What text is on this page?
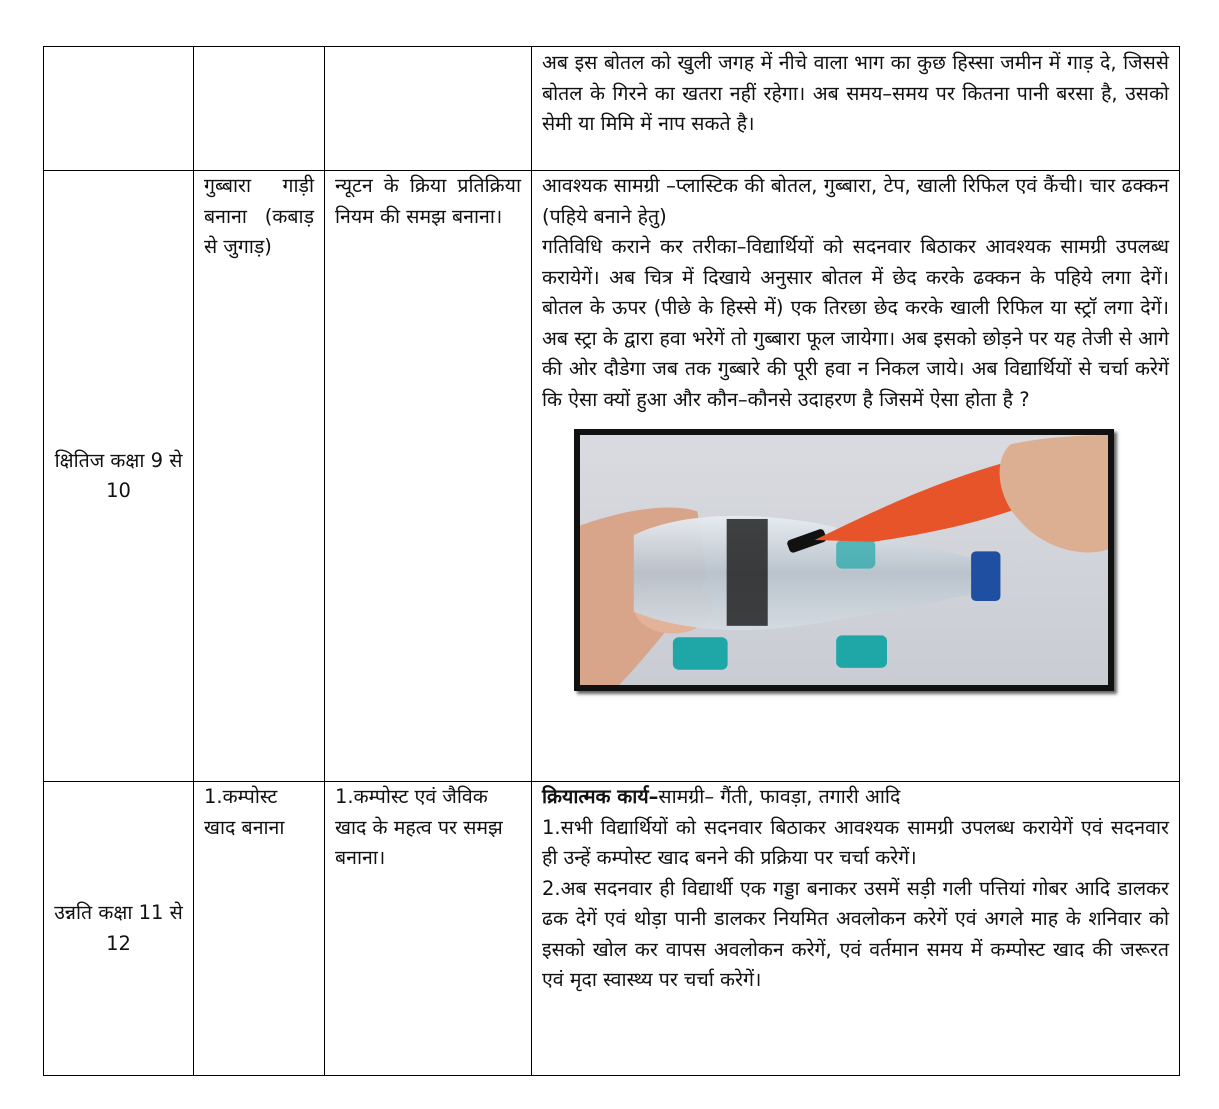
			अब इस बोतल को खुली जगह में नीचे वाला भाग का कुछ हिस्सा जमीन में गाड़ दे, जिससे बोतल के गिरने का खतरा नहीं रहेगा। अब समय–समय पर कितना पानी बरसा है, उसको सेमी या मिमि में नाप सकते है।

क्षितिज कक्षा 9 से 10	गुब्बारा गाड़ी बनाना (कबाड़ से जुगाड़)	न्यूटन के क्रिया प्रतिक्रिया नियम की समझ बनाना।	आवश्यक सामग्री –प्लास्टिक की बोतल, गुब्बारा, टेप, खाली रिफिल एवं कैंची। चार ढक्कन (पहिये बनाने हेतु)
गतिविधि कराने कर तरीका–विद्यार्थियों को सदनवार बिठाकर आवश्यक सामग्री उपलब्ध करायेगें। अब चित्र में दिखाये अनुसार बोतल में छेद करके ढक्कन के पहिये लगा देगें। बोतल के ऊपर (पीछे के हिस्से में) एक तिरछा छेद करके खाली रिफिल या स्ट्रॉ लगा देगें। अब स्ट्रा के द्वारा हवा भरेगें तो गुब्बारा फूल जायेगा। अब इसको छोड़ने पर यह तेजी से आगे की ओर दौडेगा जब तक गुब्बारे की पूरी हवा न निकल जाये। अब विद्यार्थियों से चर्चा करेगें कि ऐसा क्यों हुआ और कौन–कौनसे उदाहरण है जिसमें ऐसा होता है ?

उन्नति कक्षा 11 से 12	1.कम्पोस्ट खाद बनाना	1.कम्पोस्ट एवं जैविक खाद के महत्व पर समझ बनाना।	क्रियात्मक कार्य–सामग्री– गैंती, फावड़ा, तगारी आदि
1.सभी विद्यार्थियों को सदनवार बिठाकर आवश्यक सामग्री उपलब्ध करायेगें एवं सदनवार ही उन्हें कम्पोस्ट खाद बनने की प्रक्रिया पर चर्चा करेगें।
2.अब सदनवार ही विद्यार्थी एक गड्डा बनाकर उसमें सड़ी गली पत्तियां गोबर आदि डालकर ढक देगें एवं थोड़ा पानी डालकर नियमित अवलोकन करेगें एवं अगले माह के शनिवार को इसको खोल कर वापस अवलोकन करेगें, एवं वर्तमान समय में कम्पोस्ट खाद की जरूरत एवं मृदा स्वास्थ्य पर चर्चा करेगें।
